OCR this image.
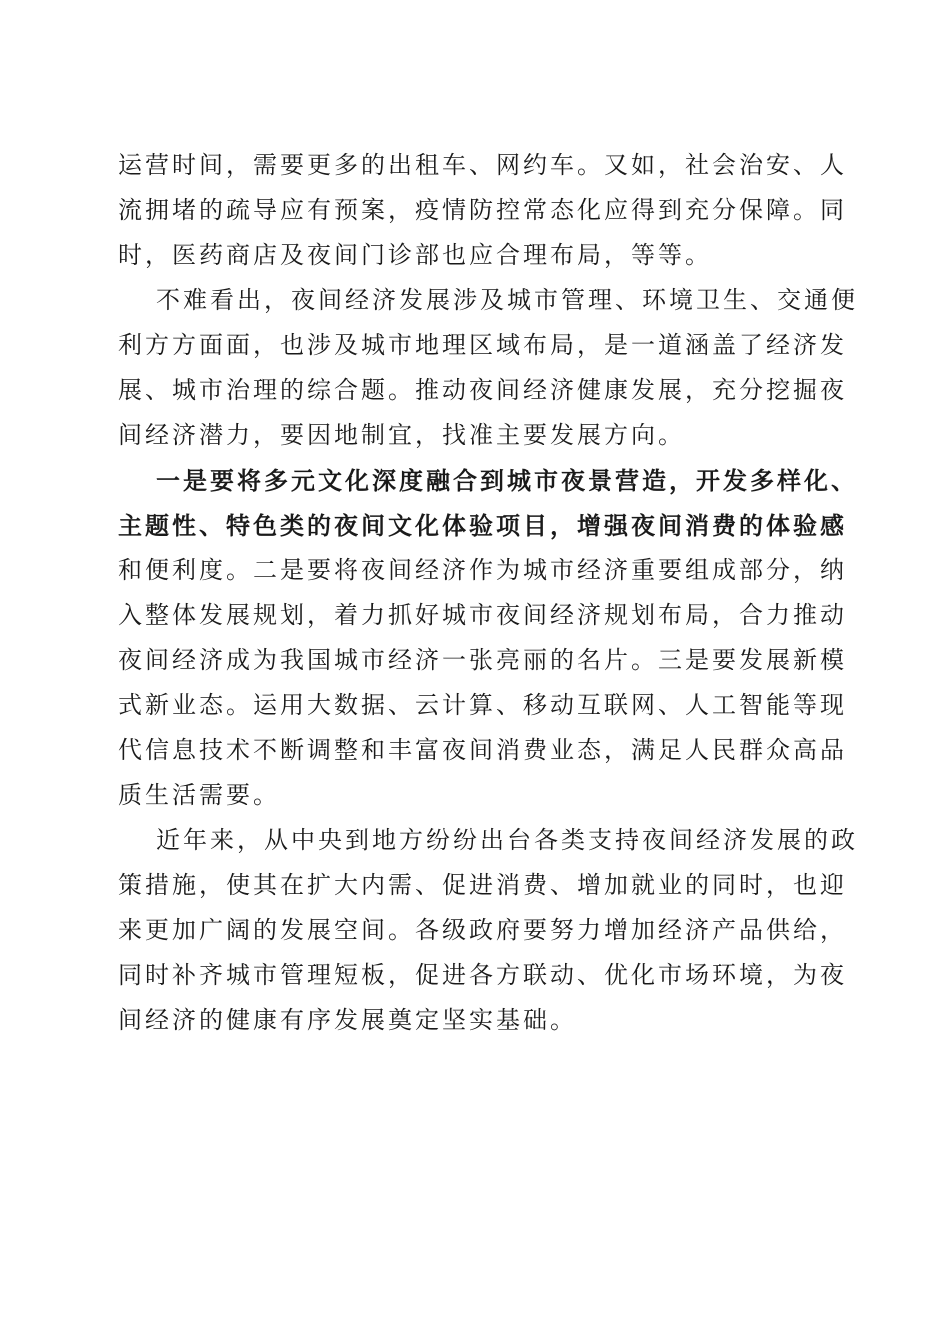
运营时间，需要更多的出租车、网约车。又如，社会治安、人
流拥堵的疏导应有预案，疫情防控常态化应得到充分保障。同
时，医药商店及夜间门诊部也应合理布局，等等。
不难看出，夜间经济发展涉及城市管理、环境卫生、交通便
利方方面面，也涉及城市地理区域布局，是一道涵盖了经济发
展、城市治理的综合题。推动夜间经济健康发展，充分挖掘夜
间经济潜力，要因地制宜，找准主要发展方向。
一是要将多元文化深度融合到城市夜景营造，开发多样化、
主题性、特色类的夜间文化体验项目，增强夜间消费的体验感
和便利度。二是要将夜间经济作为城市经济重要组成部分，纳
入整体发展规划，着力抓好城市夜间经济规划布局，合力推动
夜间经济成为我国城市经济一张亮丽的名片。三是要发展新模
式新业态。运用大数据、云计算、移动互联网、人工智能等现
代信息技术不断调整和丰富夜间消费业态，满足人民群众高品
质生活需要。
近年来，从中央到地方纷纷出台各类支持夜间经济发展的政
策措施，使其在扩大内需、促进消费、增加就业的同时，也迎
来更加广阔的发展空间。各级政府要努力增加经济产品供给，
同时补齐城市管理短板，促进各方联动、优化市场环境，为夜
间经济的健康有序发展奠定坚实基础。
